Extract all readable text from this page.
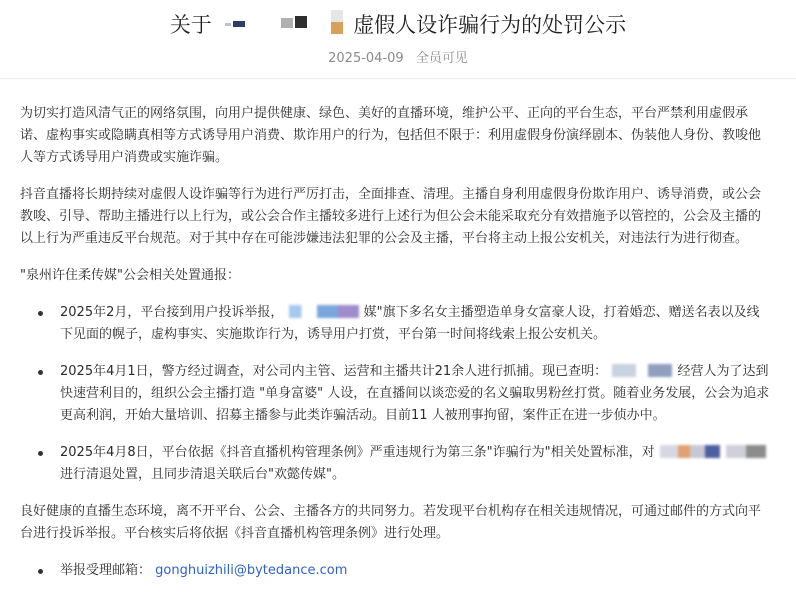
关于	虚假人设诈骗行为的处罚公示
2025-04-09 全员可见

为切实打造风清气正的网络氛围，向用户提供健康、绿色、美好的直播环境，维护公平、正向的平台生态，平台严禁利用虚假承诺、虚构事实或隐瞒真相等方式诱导用户消费、欺诈用户的行为，包括但不限于：利用虚假身份演绎剧本、伪装他人身份、教唆他人等方式诱导用户消费或实施诈骗。

抖音直播将长期持续对虚假人设诈骗等行为进行严厉打击，全面排查、清理。主播自身利用虚假身份欺诈用户、诱导消费，或公会教唆、引导、帮助主播进行以上行为，或公会合作主播较多进行上述行为但公会未能采取充分有效措施予以管控的，公会及主播的以上行为严重违反平台规范。对于其中存在可能涉嫌违法犯罪的公会及主播，平台将主动上报公安机关，对违法行为进行彻查。

"泉州许住柔传媒"公会相关处置通报：

2025年2月，平台接到用户投诉举报，	媒"旗下多名女主播塑造单身女富豪人设，打着婚恋、赠送名表以及线下见面的幌子，虚构事实、实施欺诈行为，诱导用户打赏，平台第一时间将线索上报公安机关。
2025年4月1日，警方经过调查，对公司内主管、运营和主播共计21余人进行抓捕。现已查明：	经营人为了达到快速营利目的，组织公会主播打造 "单身富婆" 人设，在直播间以谈恋爱的名义骗取男粉丝打赏。随着业务发展，公会为追求更高利润，开始大量培训、招募主播参与此类诈骗活动。目前11 人被刑事拘留，案件正在进一步侦办中。
2025年4月8日，平台依据《抖音直播机构管理条例》严重违规行为第三条"诈骗行为"相关处置标准，对   进行清退处置，且同步清退关联后台"欢懿传媒"。

良好健康的直播生态环境，离不开平台、公会、主播各方的共同努力。若发现平台机构存在相关违规情况，可通过邮件的方式向平台进行投诉举报。平台核实后将依据《抖音直播机构管理条例》进行处理。

举报受理邮箱： gonghuizhili@bytedance.com
